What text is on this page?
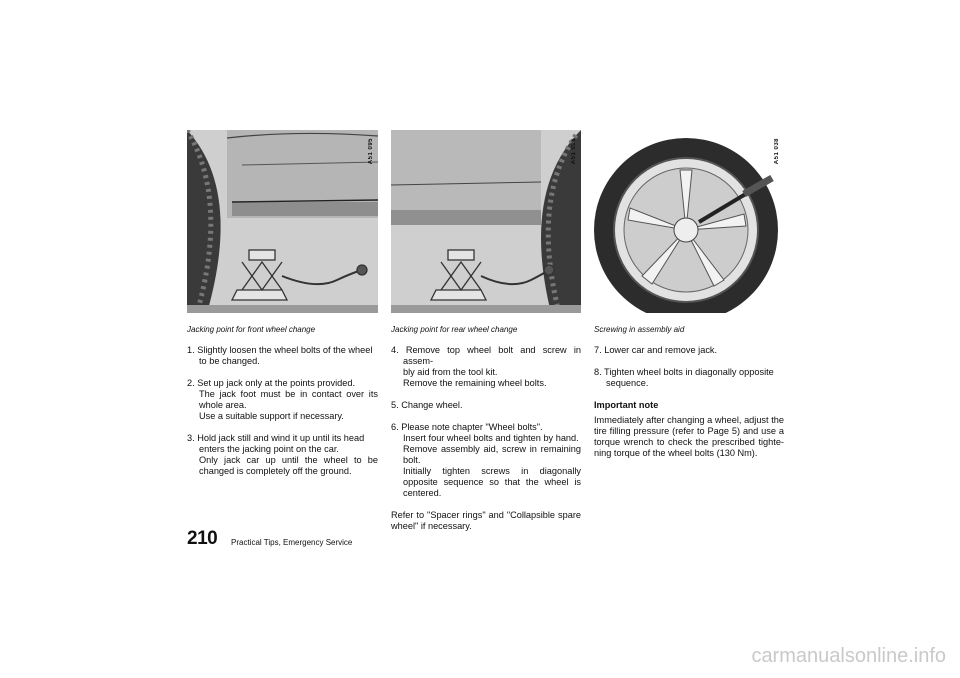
A51 095	A51 096	A51 038
Jacking point for front wheel change	Jacking point for rear wheel change	Screwing in assembly aid
1. Slightly loosen the wheel bolts of the wheel
to be changed.
2. Set up jack only at the points provided.
The jack foot must be in contact over its whole area.
Use a suitable support if necessary.
3. Hold jack still and wind it up until its head
enters the jacking point on the car.
Only jack car up until the wheel to be changed is completely off the ground.
4. Remove top wheel bolt and screw in assem-
bly aid from the tool kit.
Remove the remaining wheel bolts.
5. Change wheel.
6. Please note chapter "Wheel bolts".
Insert four wheel bolts and tighten by hand.
Remove assembly aid, screw in remaining bolt.
Initially tighten screws in diagonally opposite sequence so that the wheel is centered.
Refer to "Spacer rings" and "Collapsible spare wheel" if necessary.
7. Lower car and remove jack.
8. Tighten wheel bolts in diagonally opposite
sequence.
Important note
Immediately after changing a wheel, adjust the tire filling pressure (refer to Page 5) and use a torque wrench to check the prescribed tighte-ning torque of the wheel bolts (130 Nm).
210 Practical Tips, Emergency Service
carmanualsonline.info
